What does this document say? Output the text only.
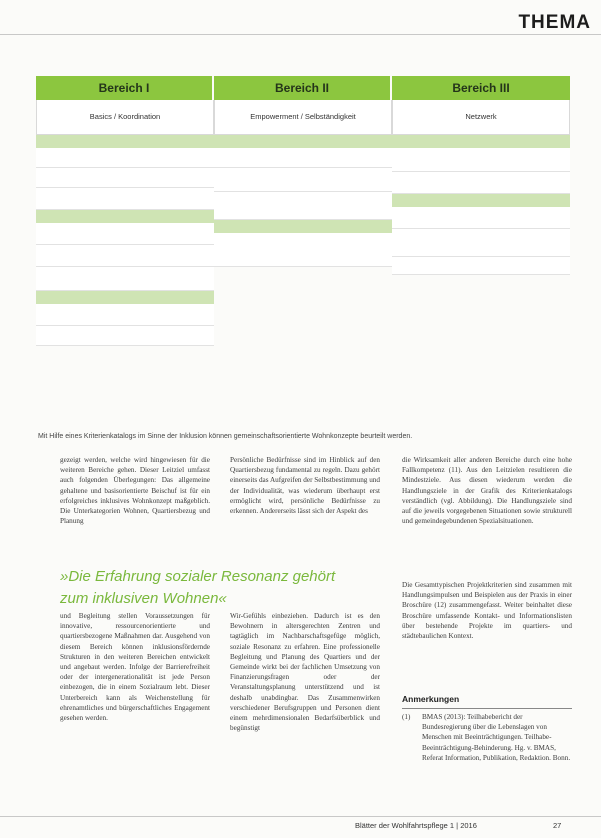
THEMA
Bereich I
Basics / Koordination
Bereich II
Empowerment / Selbständigkeit
Bereich III
Netzwerk
Mit Hilfe eines Kriterienkatalogs im Sinne der Inklusion können gemeinschaftsorientierte Wohnkonzepte beurteilt werden.

gezeigt werden, welche wird hingewiesen für die weiteren Bereiche gehen. Dieser Leitziel umfasst auch folgenden Überlegungen: Das allgemeine gehaltene und basisorientierte Beischuf ist für ein erfolgreiches inklusives Wohnkonzept maßgeblich. Die Unterkategorien Wohnen, Quartiersbezug und Planung

und Begleitung stellen Voraussetzungen für innovative, ressourcenorientierte und quartiersbezogene Maßnahmen dar. Ausgehend von diesem Bereich können inklusionsfördernde Strukturen in den weiteren Bereichen entwickelt und angebaut werden. Infolge der Barrierefreiheit oder der intergenerationalität ist jede Person einbezogen, die in einem Sozialraum lebt. Dieser Unterbereich kann als Weichenstellung für ehrenamtliches und bürgerschaftliches Engagement gesehen werden.

Persönliche Bedürfnisse sind im Hinblick auf den Quartiersbezug fundamental zu regeln. Dazu gehört einerseits das Aufgreifen der Selbstbestimmung und der Individualität, was wiederum überhaupt erst ermöglicht wird, persönliche Bedürfnisse zu erkennen. Andererseits lässt sich der Aspekt des

Wir-Gefühls einbeziehen. Dadurch ist es den Bewohnern in altersgerechten Zentren und tagtäglich im Nachbarschaftsgefüge möglich, soziale Resonanz zu erfahren. Eine professionelle Begleitung und Planung des Quartiers und der Gemeinde wirkt bei der fachlichen Umsetzung von Finanzierungsfragen oder der Veranstaltungsplanung unterstützend und ist deshalb unabdingbar. Das Zusammenwirken verschiedener Berufsgruppen und Personen dient einem mehrdimensionalen Bedarfsüberblick und begünstigt

die Wirksamkeit aller anderen Bereiche durch eine hohe Fallkompetenz (11). Aus den Leitzielen resultieren die Mindestziele. Aus diesen wiederum werden die Handlungsziele in der Grafik des Kriterienkatalogs verständlich (vgl. Abbildung). Die Handlungsziele sind auf die jeweils vorgegebenen Situationen sowie strukturell und gemeindegebundenen Spezialsituationen.

Die Gesamttypischen Projektkriterien sind zusammen mit Handlungsimpulsen und Beispielen aus der Praxis in einer Broschüre (12) zusammengefasst. Weiter beinhaltet diese Broschüre umfassende Kontakt- und Informationslisten über bestehende Projekte im quartiers- und städtebaulichen Kontext.

»Die Erfahrung sozialer Resonanz gehört zum inklusiven Wohnen«
Anmerkungen
(1) BMAS (2013): Teilhabebericht der Bundesregierung über die Lebenslagen von Menschen mit Beeinträchtigungen. Teilhabe-Beeinträchtigung-Behinderung. Hg. v. BMAS, Referat Information, Publikation, Redaktion. Bonn.
Blätter der Wohlfahrtspflege 1 | 2016	27
